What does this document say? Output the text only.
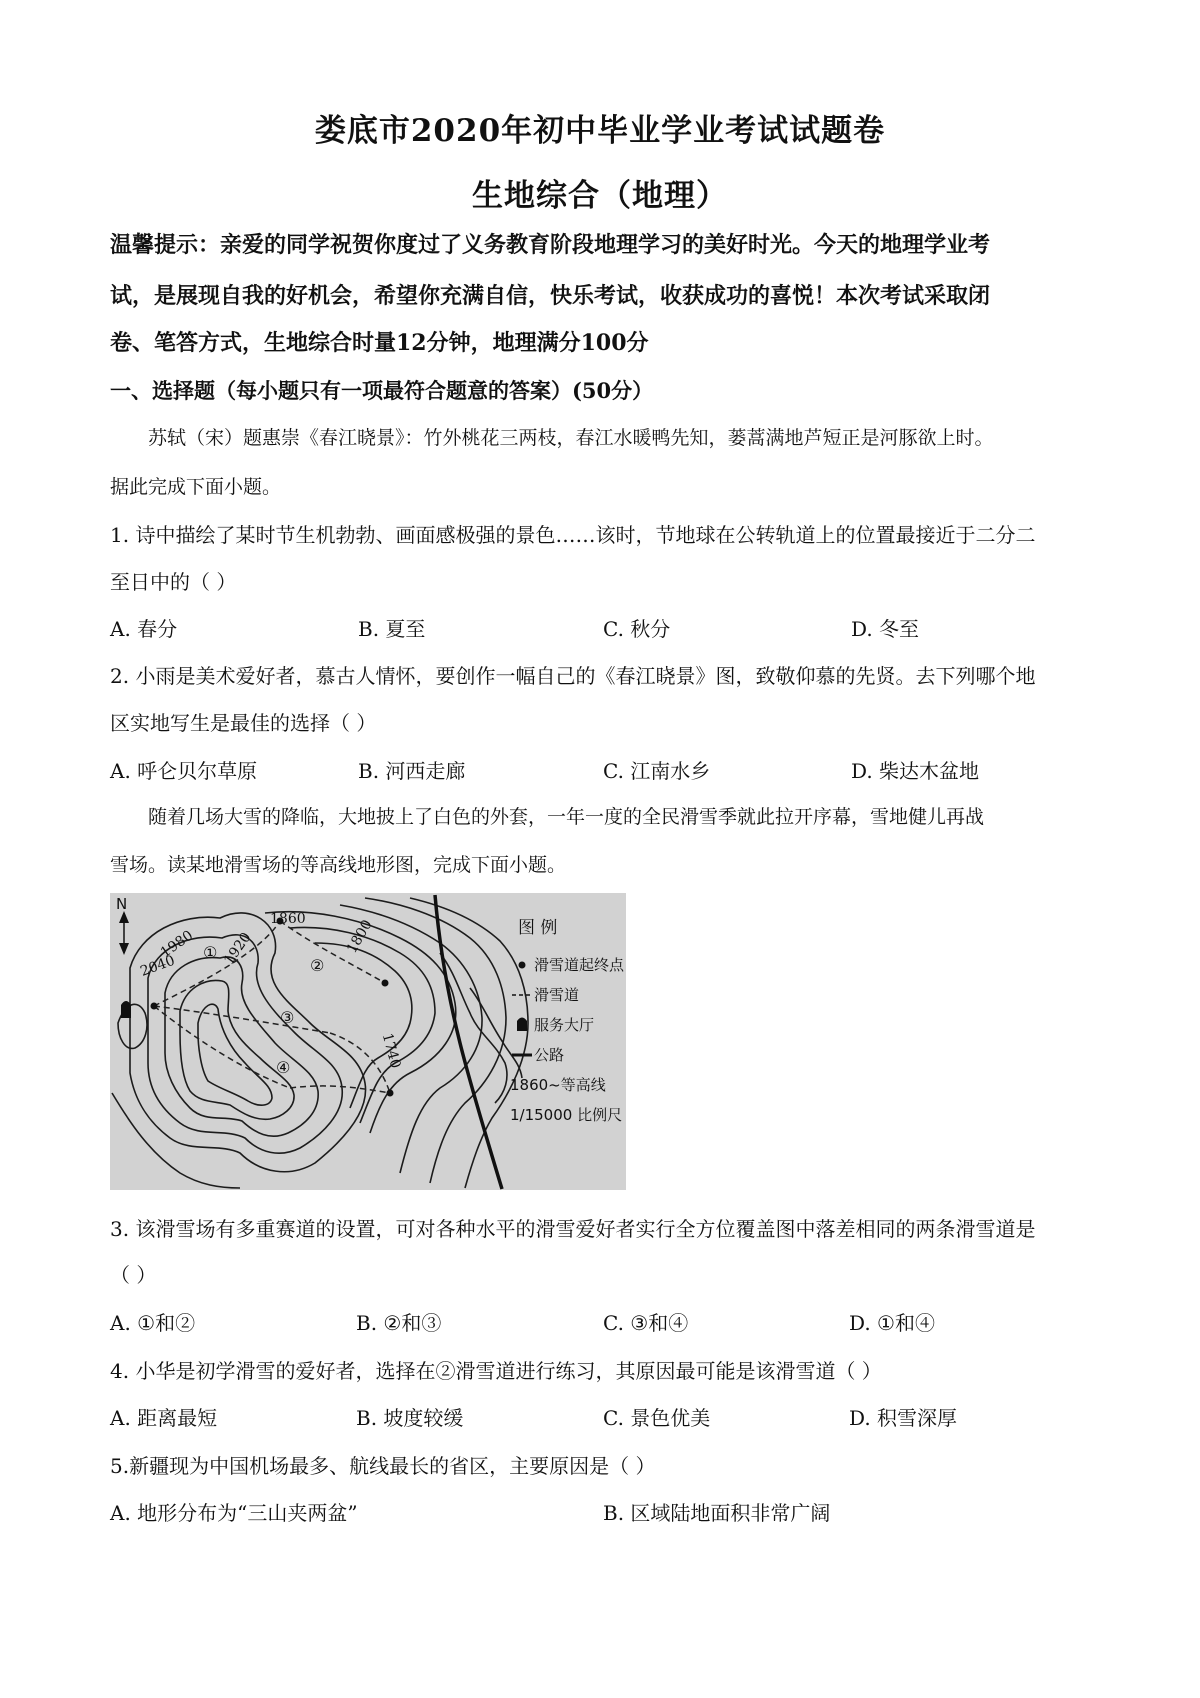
娄底市2020年初中毕业学业考试试题卷
生地综合（地理）
温馨提示：亲爱的同学祝贺你度过了义务教育阶段地理学习的美好时光。今天的地理学业考
试，是展现自我的好机会，希望你充满自信，快乐考试，收获成功的喜悦！本次考试采取闭
卷、笔答方式，生地综合时量12分钟，地理满分100分
一、选择题（每小题只有一项最符合题意的答案）(50分）
苏轼（宋）题惠崇《春江晓景》：竹外桃花三两枝，春江水暖鸭先知，蒌蒿满地芦短正是河豚欲上时。
据此完成下面小题。
1. 诗中描绘了某时节生机勃勃、画面感极强的景色……该时，节地球在公转轨道上的位置最接近于二分二
至日中的（ ）
A. 春分	B. 夏至	C. 秋分	D. 冬至
2. 小雨是美术爱好者，慕古人情怀，要创作一幅自己的《春江晓景》图，致敬仰慕的先贤。去下列哪个地
区实地写生是最佳的选择（ ）
A. 呼仑贝尔草原	B. 河西走廊	C. 江南水乡	D. 柴达木盆地
随着几场大雪的降临，大地披上了白色的外套，一年一度的全民滑雪季就此拉开序幕，雪地健儿再战
雪场。读某地滑雪场的等高线地形图，完成下面小题。
N
1860	1800
1980 1920
2040
1740
①
②
③
④
图 例
滑雪道起终点
滑雪道
服务大厅
公路
1860~等高线
1/15000 比例尺
3. 该滑雪场有多重赛道的设置，可对各种水平的滑雪爱好者实行全方位覆盖图中落差相同的两条滑雪道是
（ ）
A. ①和②	B. ②和③	C. ③和④	D. ①和④
4. 小华是初学滑雪的爱好者，选择在②滑雪道进行练习，其原因最可能是该滑雪道（ ）
A. 距离最短	B. 坡度较缓	C. 景色优美	D. 积雪深厚
5.新疆现为中国机场最多、航线最长的省区，主要原因是（ ）
A. 地形分布为“三山夹两盆”	B. 区域陆地面积非常广阔
